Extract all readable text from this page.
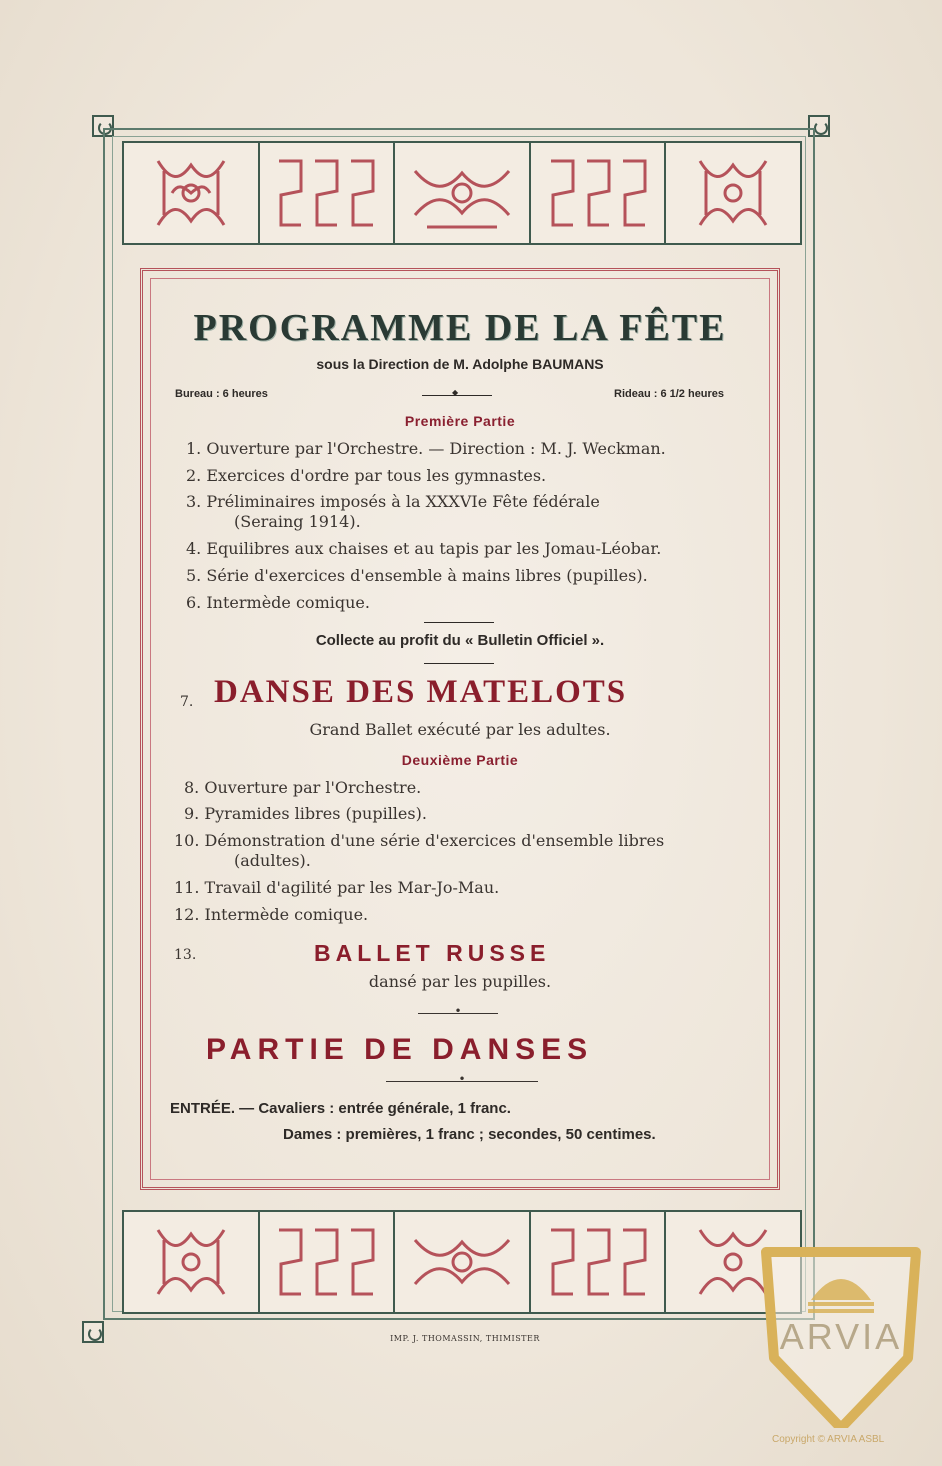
PROGRAMME DE LA FÊTE
sous la Direction de M. Adolphe BAUMANS
Bureau : 6 heures
◆	Rideau : 6 1/2 heures
Première Partie
1. Ouverture par l'Orchestre. — Direction : M. J. Weckman.
2. Exercices d'ordre par tous les gymnastes.
3. Préliminaires imposés à la XXXVIe Fête fédérale
(Seraing 1914).
4. Equilibres aux chaises et au tapis par les Jomau-Léobar.
5. Série d'exercices d'ensemble à mains libres (pupilles).
6. Intermède comique.
Collecte au profit du « Bulletin Officiel ».
7. DANSE DES MATELOTS
Grand Ballet exécuté par les adultes.
Deuxième Partie
8. Ouverture par l'Orchestre.
9. Pyramides libres (pupilles).
10. Démonstration d'une série d'exercices d'ensemble libres
(adultes).
11. Travail d'agilité par les Mar-Jo-Mau.
12. Intermède comique.
13.	BALLET RUSSE
dansé par les pupilles.
•
PARTIE DE DANSES
•
ENTRÉE. — Cavaliers : entrée générale, 1 franc.
Dames : premières, 1 franc ; secondes, 50 centimes.
IMP. J. THOMASSIN, THIMISTER	ARVIA
Copyright © ARVIA ASBL
